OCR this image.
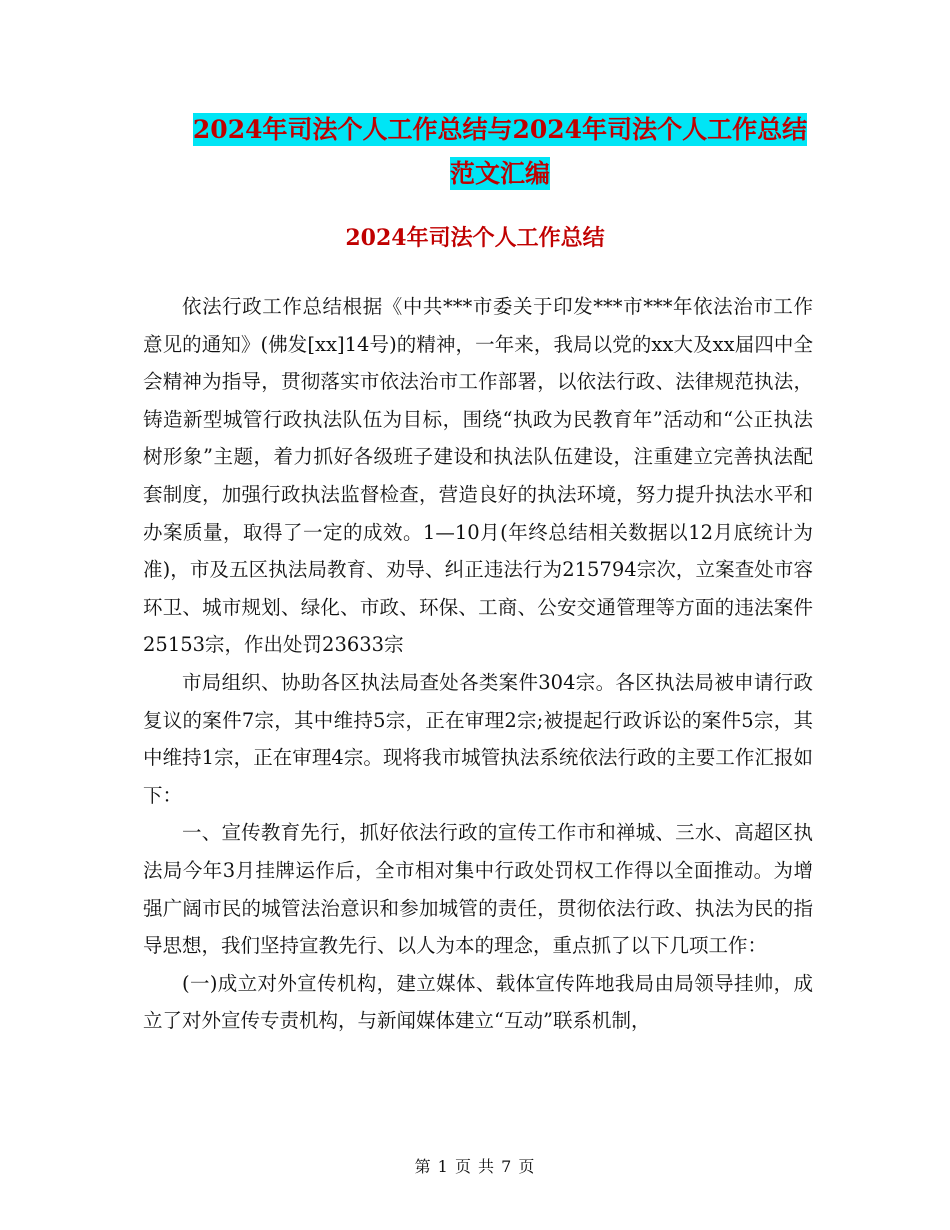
2024年司法个人工作总结与2024年司法个人工作总结
范文汇编
2024年司法个人工作总结

依法行政工作总结根据《中共***市委关于印发***市***年依法治市工作意见的通知》(佛发[xx]14号)的精神，一年来，我局以党的xx大及xx届四中全会精神为指导，贯彻落实市依法治市工作部署，以依法行政、法律规范执法，铸造新型城管行政执法队伍为目标，围绕“执政为民教育年”活动和“公正执法树形象”主题，着力抓好各级班子建设和执法队伍建设，注重建立完善执法配套制度，加强行政执法监督检查，营造良好的执法环境，努力提升执法水平和办案质量，取得了一定的成效。1—10月(年终总结相关数据以12月底统计为准)，市及五区执法局教育、劝导、纠正违法行为215794宗次，立案查处市容环卫、城市规划、绿化、市政、环保、工商、公安交通管理等方面的违法案件25153宗，作出处罚23633宗

市局组织、协助各区执法局查处各类案件304宗。各区执法局被申请行政复议的案件7宗，其中维持5宗，正在审理2宗;被提起行政诉讼的案件5宗，其中维持1宗，正在审理4宗。现将我市城管执法系统依法行政的主要工作汇报如下：

一、宣传教育先行，抓好依法行政的宣传工作市和禅城、三水、高超区执法局今年3月挂牌运作后，全市相对集中行政处罚权工作得以全面推动。为增强广阔市民的城管法治意识和参加城管的责任，贯彻依法行政、执法为民的指导思想，我们坚持宣教先行、以人为本的理念，重点抓了以下几项工作：

(一)成立对外宣传机构，建立媒体、载体宣传阵地我局由局领导挂帅，成立了对外宣传专责机构，与新闻媒体建立“互动”联系机制，

第 1 页 共 7 页
